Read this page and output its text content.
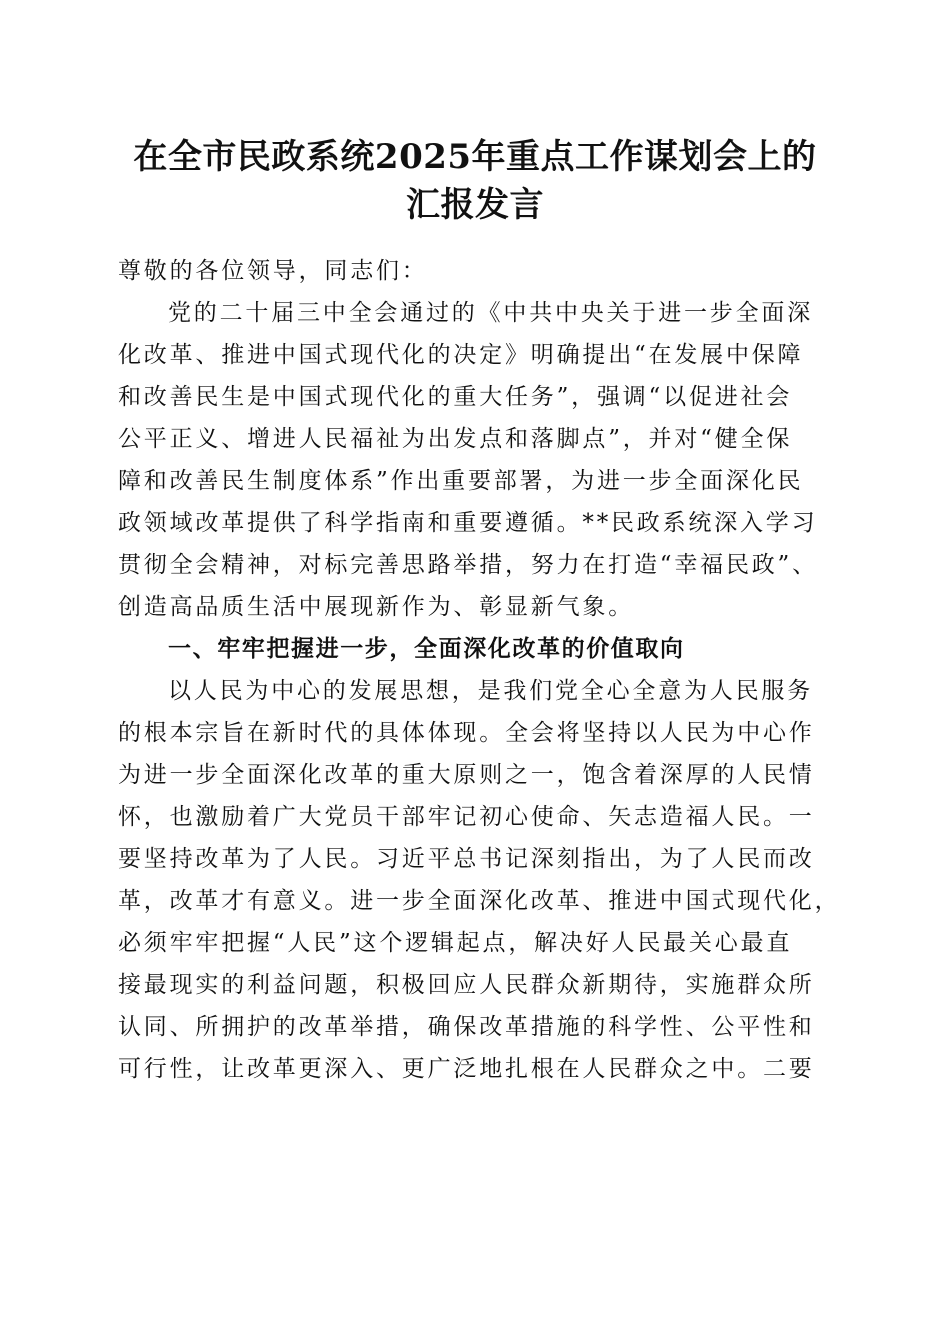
在全市民政系统2025年重点工作谋划会上的
汇报发言
尊敬的各位领导，同志们：
党的二十届三中全会通过的《中共中央关于进一步全面深
化改革、推进中国式现代化的决定》明确提出“在发展中保障
和改善民生是中国式现代化的重大任务”，强调“以促进社会
公平正义、增进人民福祉为出发点和落脚点”，并对“健全保
障和改善民生制度体系”作出重要部署，为进一步全面深化民
政领域改革提供了科学指南和重要遵循。**民政系统深入学习
贯彻全会精神，对标完善思路举措，努力在打造“幸福民政”、
创造高品质生活中展现新作为、彰显新气象。
一、牢牢把握进一步，全面深化改革的价值取向
以人民为中心的发展思想，是我们党全心全意为人民服务
的根本宗旨在新时代的具体体现。全会将坚持以人民为中心作
为进一步全面深化改革的重大原则之一，饱含着深厚的人民情
怀，也激励着广大党员干部牢记初心使命、矢志造福人民。一
要坚持改革为了人民。习近平总书记深刻指出，为了人民而改
革，改革才有意义。进一步全面深化改革、推进中国式现代化，
必须牢牢把握“人民”这个逻辑起点，解决好人民最关心最直
接最现实的利益问题，积极回应人民群众新期待，实施群众所
认同、所拥护的改革举措，确保改革措施的科学性、公平性和
可行性，让改革更深入、更广泛地扎根在人民群众之中。二要
